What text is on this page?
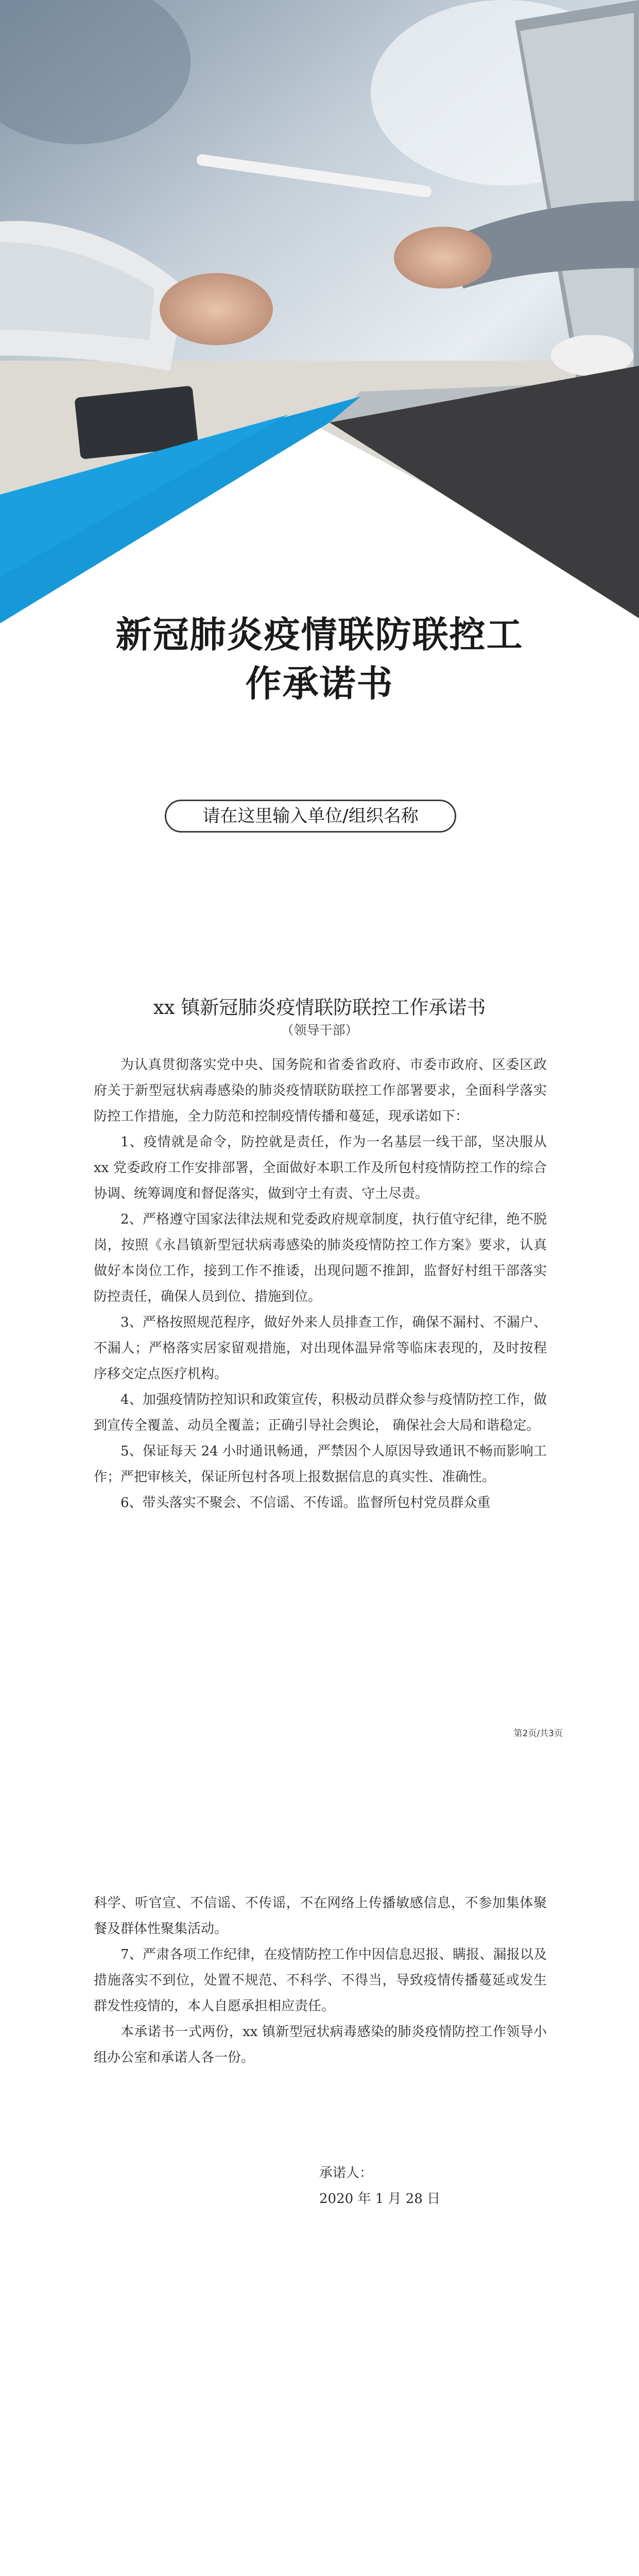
新冠肺炎疫情联防联控工
作承诺书
请在这里输入单位/组织名称
xx 镇新冠肺炎疫情联防联控工作承诺书
（领导干部）

为认真贯彻落实党中央、国务院和省委省政府、市委市政府、区委区政府关于新型冠状病毒感染的肺炎疫情联防联控工作部署要求，全面科学落实防控工作措施，全力防范和控制疫情传播和蔓延，现承诺如下：

1、疫情就是命令，防控就是责任，作为一名基层一线干部，坚决服从 xx 党委政府工作安排部署，全面做好本职工作及所包村疫情防控工作的综合协调、统筹调度和督促落实，做到守土有责、守土尽责。

2、严格遵守国家法律法规和党委政府规章制度，执行值守纪律，绝不脱岗，按照《永昌镇新型冠状病毒感染的肺炎疫情防控工作方案》要求，认真做好本岗位工作，接到工作不推诿，出现问题不推卸，监督好村组干部落实防控责任，确保人员到位、措施到位。

3、严格按照规范程序，做好外来人员排查工作，确保不漏村、不漏户、不漏人；严格落实居家留观措施，对出现体温异常等临床表现的，及时按程序移交定点医疗机构。

4、加强疫情防控知识和政策宣传，积极动员群众参与疫情防控工作，做到宣传全覆盖、动员全覆盖；正确引导社会舆论， 确保社会大局和谐稳定。

5、保证每天 24 小时通讯畅通，严禁因个人原因导致通讯不畅而影响工作；严把审核关，保证所包村各项上报数据信息的真实性、准确性。

6、带头落实不聚会、不信谣、不传谣。监督所包村党员群众重

第2页/共3页

科学、听官宣、不信谣、不传谣，不在网络上传播敏感信息，不参加集体聚餐及群体性聚集活动。

7、严肃各项工作纪律，在疫情防控工作中因信息迟报、瞒报、漏报以及措施落实不到位，处置不规范、不科学、不得当，导致疫情传播蔓延或发生群发性疫情的，本人自愿承担相应责任。

本承诺书一式两份，xx 镇新型冠状病毒感染的肺炎疫情防控工作领导小组办公室和承诺人各一份。

承诺人：
2020 年 1 月 28 日
